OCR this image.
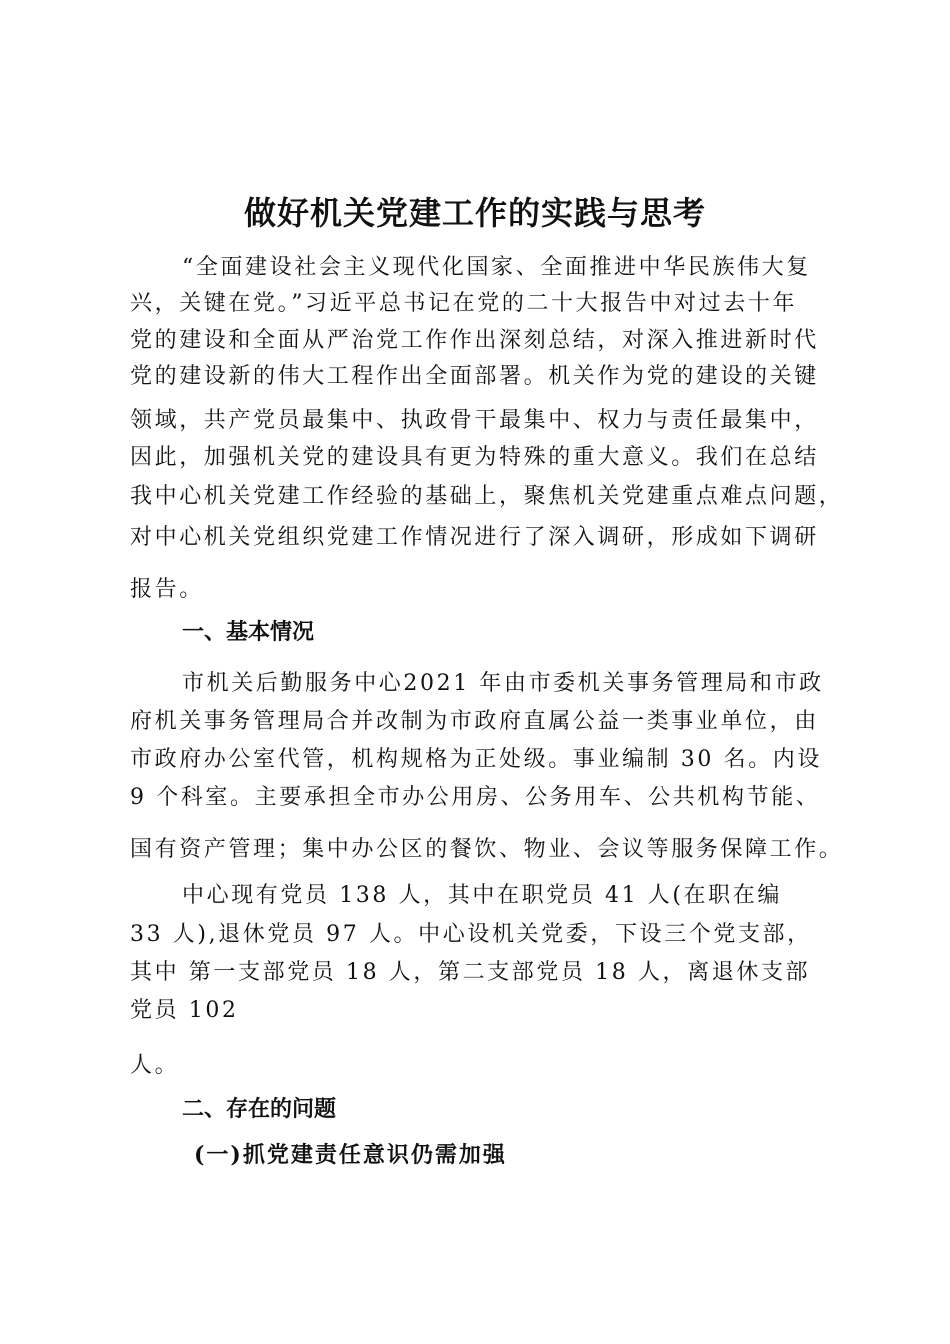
做好机关党建工作的实践与思考
“全面建设社会主义现代化国家、全面推进中华民族伟大复
兴，关键在党。”习近平总书记在党的二十大报告中对过去十年
党的建设和全面从严治党工作作出深刻总结，对深入推进新时代
党的建设新的伟大工程作出全面部署。机关作为党的建设的关键
领域，共产党员最集中、执政骨干最集中、权力与责任最集中，
因此，加强机关党的建设具有更为特殊的重大意义。我们在总结
我中心机关党建工作经验的基础上，聚焦机关党建重点难点问题，
对中心机关党组织党建工作情况进行了深入调研，形成如下调研
报告。
一、基本情况
市机关后勤服务中心2021 年由市委机关事务管理局和市政
府机关事务管理局合并改制为市政府直属公益一类事业单位，由
市政府办公室代管，机构规格为正处级。事业编制 30 名。内设
9 个科室。主要承担全市办公用房、公务用车、公共机构节能、
国有资产管理；集中办公区的餐饮、物业、会议等服务保障工作。
中心现有党员 138 人，其中在职党员 41 人(在职在编
33 人),退休党员 97 人。中心设机关党委，下设三个党支部，
其中 第一支部党员 18 人，第二支部党员 18 人，离退休支部
党员 102
人。
二、存在的问题
(一)抓党建责任意识仍需加强
